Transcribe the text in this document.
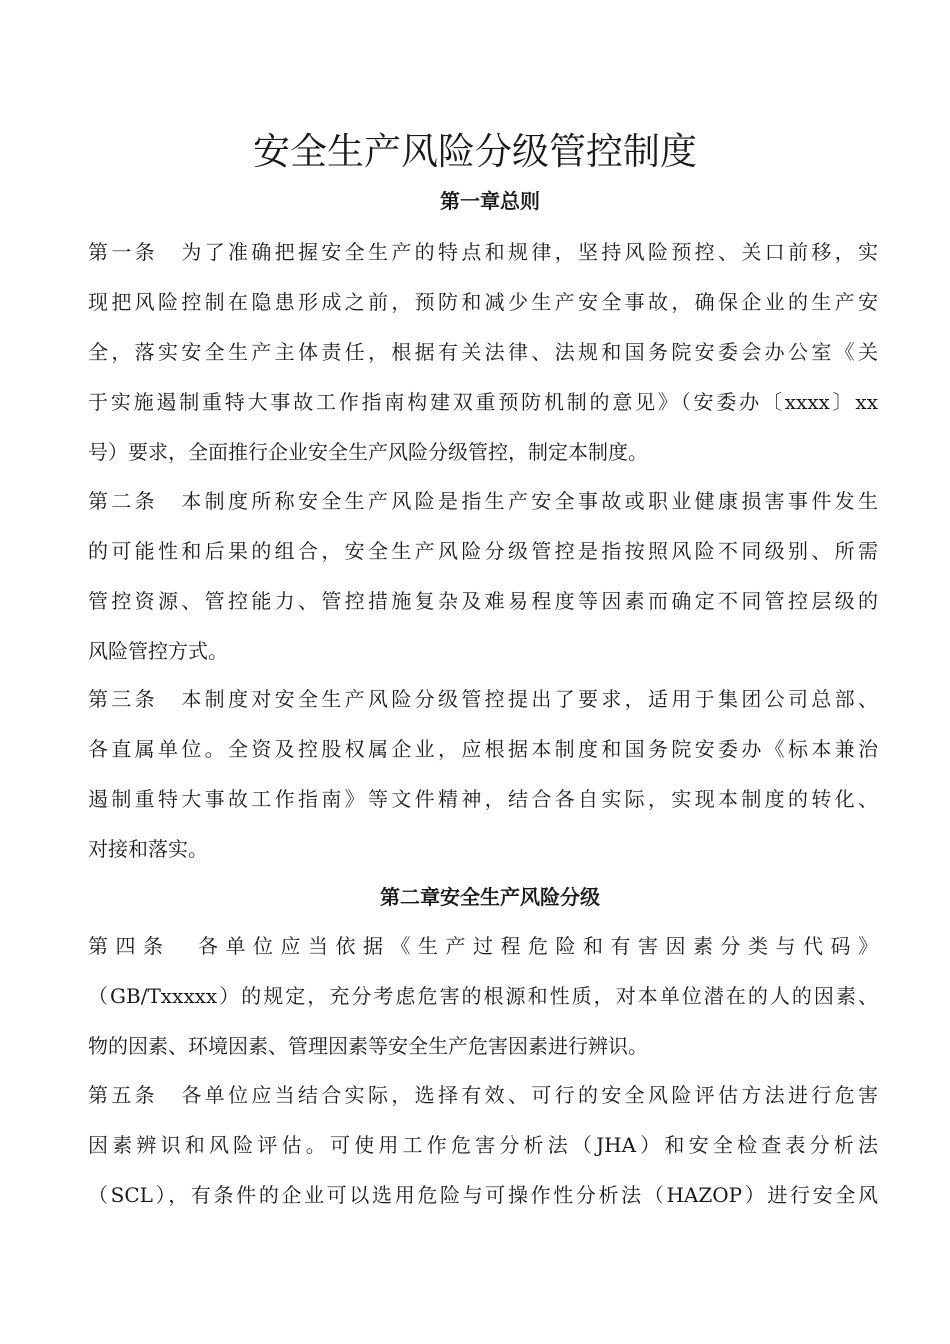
安全生产风险分级管控制度
第一章总则
第一条　为了准确把握安全生产的特点和规律，坚持风险预控、关口前移，实
现把风险控制在隐患形成之前，预防和减少生产安全事故，确保企业的生产安
全，落实安全生产主体责任，根据有关法律、法规和国务院安委会办公室《关
于实施遏制重特大事故工作指南构建双重预防机制的意见》（安委办〔xxxx〕xx
号）要求，全面推行企业安全生产风险分级管控，制定本制度。
第二条　本制度所称安全生产风险是指生产安全事故或职业健康损害事件发生
的可能性和后果的组合，安全生产风险分级管控是指按照风险不同级别、所需
管控资源、管控能力、管控措施复杂及难易程度等因素而确定不同管控层级的
风险管控方式。
第三条　本制度对安全生产风险分级管控提出了要求，适用于集团公司总部、
各直属单位。全资及控股权属企业，应根据本制度和国务院安委办《标本兼治
遏制重特大事故工作指南》等文件精神，结合各自实际，实现本制度的转化、
对接和落实。
第二章安全生产风险分级
第四条　各单位应当依据《生产过程危险和有害因素分类与代码》
（GB/Txxxxx）的规定，充分考虑危害的根源和性质，对本单位潜在的人的因素、
物的因素、环境因素、管理因素等安全生产危害因素进行辨识。
第五条　各单位应当结合实际，选择有效、可行的安全风险评估方法进行危害
因素辨识和风险评估。可使用工作危害分析法（JHA）和安全检查表分析法
（SCL），有条件的企业可以选用危险与可操作性分析法（HAZOP）进行安全风
